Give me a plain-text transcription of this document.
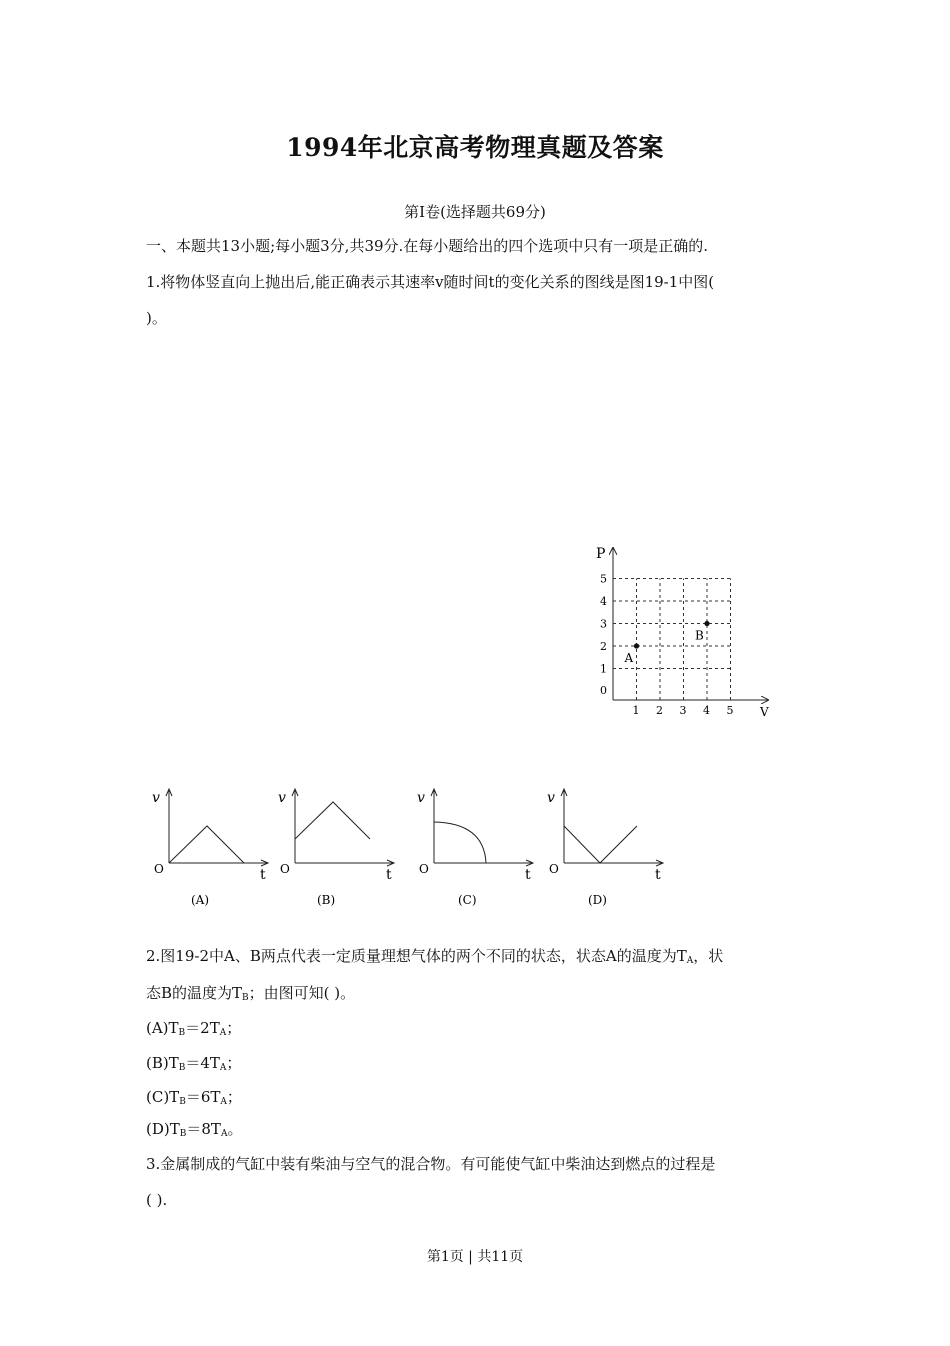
1994年北京高考物理真题及答案
第Ⅰ卷(选择题共69分)
一、本题共13小题;每小题3分,共39分.在每小题给出的四个选项中只有一项是正确的.
1.将物体竖直向上抛出后,能正确表示其速率v随时间t的变化关系的图线是图19-1中图(
)。
P
V
0
1
2
3
4
5
1 2 3 4 5
A
B
v
t
O
(A)
v
t
O
(B)
v
t
O
(C)
v
t
O
(D)
2.图19-2中A、B两点代表一定质量理想气体的两个不同的状态，状态A的温度为$T_A$，状
态B的温度为$T_B$；由图可知( )。
$(A)T_B=2T_A$；
$(B)T_B=4T_A$；
$(C)T_B=6T_A$；
$(D)T_B=8T_A$。
3.金属制成的气缸中装有柴油与空气的混合物。有可能使气缸中柴油达到燃点的过程是
( ).
第1页 | 共11页
